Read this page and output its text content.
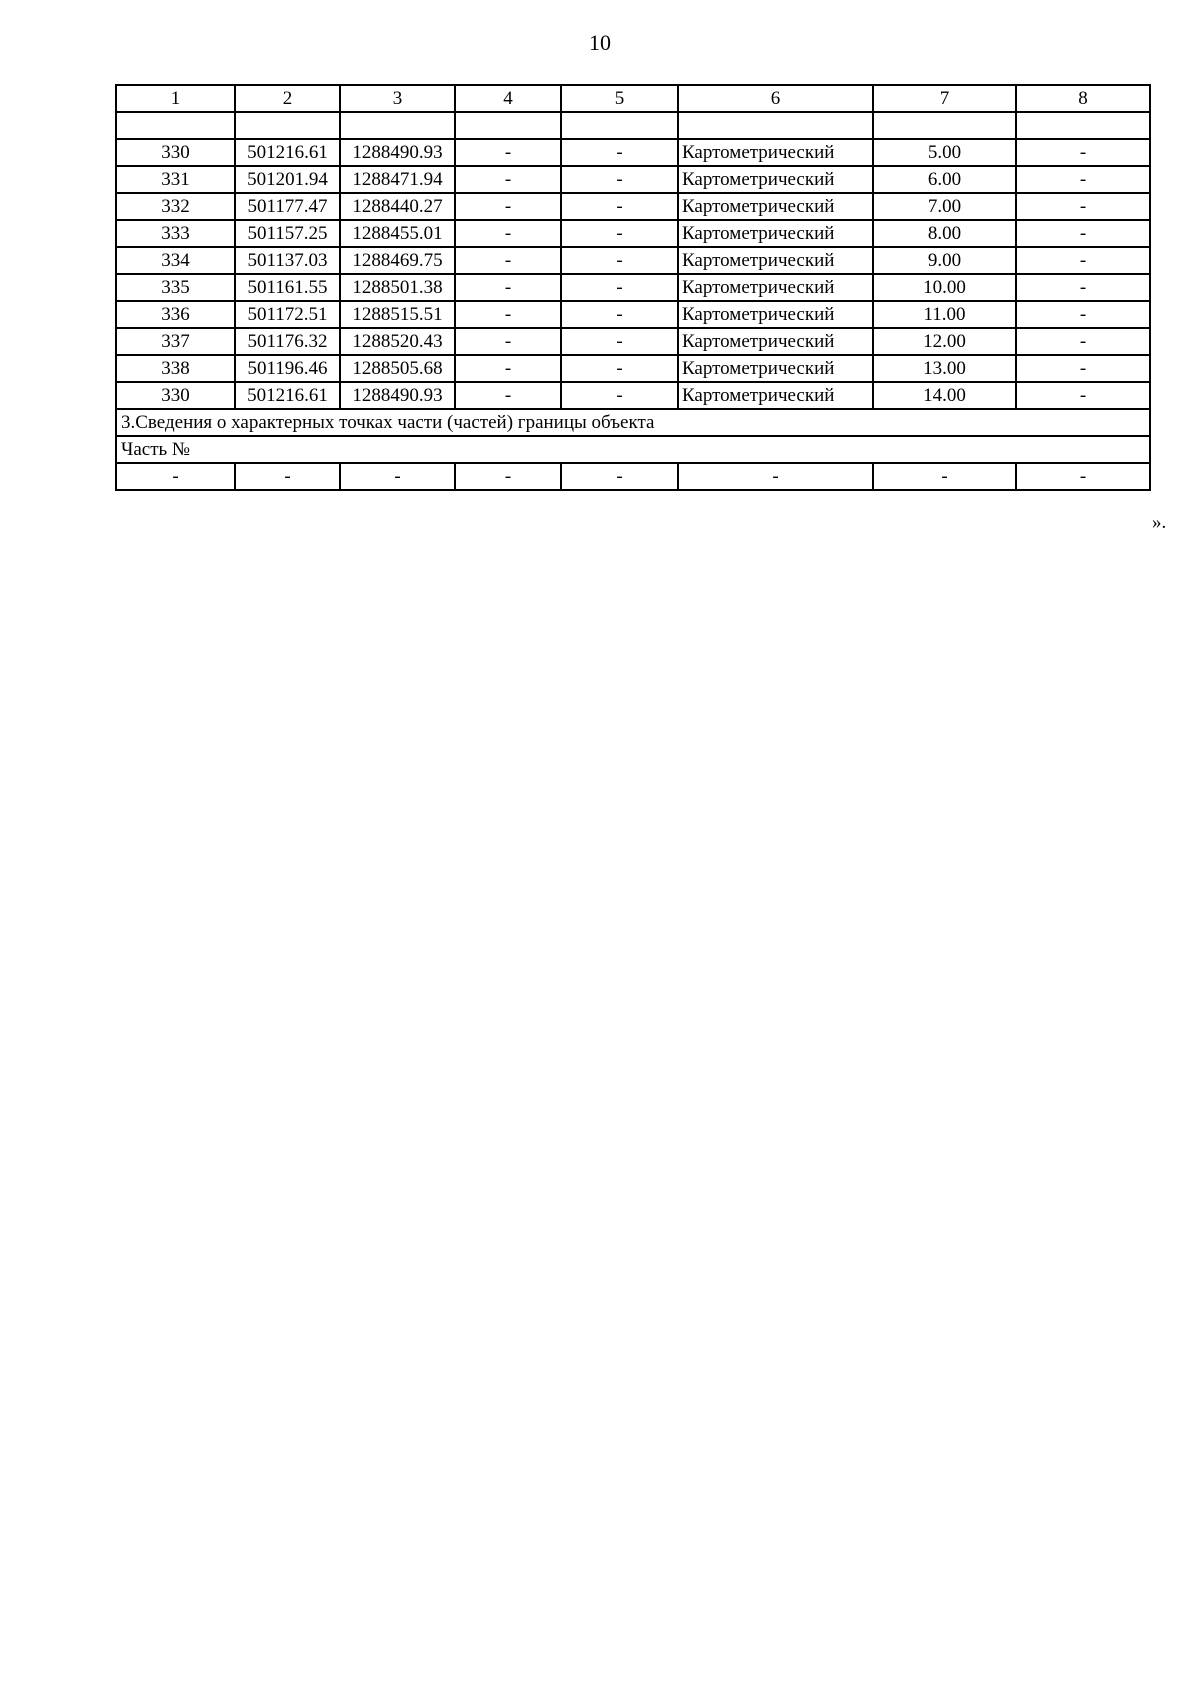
10
1	2	3	4	5	6	7	8

330	501216.61	1288490.93	-	-	Картометрический	5.00	-
331	501201.94	1288471.94	-	-	Картометрический	6.00	-
332	501177.47	1288440.27	-	-	Картометрический	7.00	-
333	501157.25	1288455.01	-	-	Картометрический	8.00	-
334	501137.03	1288469.75	-	-	Картометрический	9.00	-
335	501161.55	1288501.38	-	-	Картометрический	10.00	-
336	501172.51	1288515.51	-	-	Картометрический	11.00	-
337	501176.32	1288520.43	-	-	Картометрический	12.00	-
338	501196.46	1288505.68	-	-	Картометрический	13.00	-
330	501216.61	1288490.93	-	-	Картометрический	14.00	-
3.Сведения о характерных точках части (частей) границы объекта							
Часть №							
-	-	-	-	-	-	-	-
».
